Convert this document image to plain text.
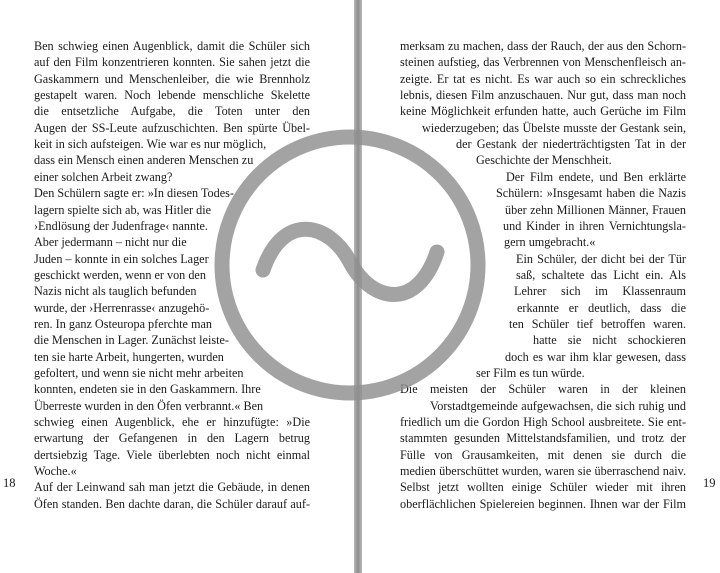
Ben schwieg einen Augenblick, damit die Schüler sich
auf den Film konzentrieren konnten. Sie sahen jetzt die
Gaskammern und Menschenleiber, die wie Brennholz
gestapelt waren. Noch lebende menschliche Skelette
die entsetzliche Aufgabe, die Toten unter den
Augen der SS-Leute aufzuschichten. Ben spürte Übel-
keit in sich aufsteigen. Wie war es nur möglich,
dass ein Mensch einen anderen Menschen zu
einer solchen Arbeit zwang?
Den Schülern sagte er: »In diesen Todes-
lagern spielte sich ab, was Hitler die
›Endlösung der Judenfrage‹ nannte.
Aber jedermann – nicht nur die
Juden – konnte in ein solches Lager
geschickt werden, wenn er von den
Nazis nicht als tauglich befunden
wurde, der ›Herrenrasse‹ anzugehö-
ren. In ganz Osteuropa pferchte man
die Menschen in Lager. Zunächst leiste-
ten sie harte Arbeit, hungerten, wurden
gefoltert, und wenn sie nicht mehr arbeiten
konnten, endeten sie in den Gaskammern. Ihre
Überreste wurden in den Öfen verbrannt.« Ben
schwieg einen Augenblick, ehe er hinzufügte: »Die
erwartung der Gefangenen in den Lagern betrug
dertsiebzig Tage. Viele überlebten noch nicht einmal
Woche.«
Auf der Leinwand sah man jetzt die Gebäude, in denen
Öfen standen. Ben dachte daran, die Schüler darauf auf-
18
merksam zu machen, dass der Rauch, der aus den Schorn-
steinen aufstieg, das Verbrennen von Menschenfleisch an-
zeigte. Er tat es nicht. Es war auch so ein schreckliches
lebnis, diesen Film anzuschauen. Nur gut, dass man noch
keine Möglichkeit erfunden hatte, auch Gerüche im Film
wiederzugeben; das Übelste musste der Gestank sein,
der Gestank der niederträchtigsten Tat in der
Geschichte der Menschheit.
Der Film endete, und Ben erklärte
Schülern: »Insgesamt haben die Nazis
über zehn Millionen Männer, Frauen
und Kinder in ihren Vernichtungsla-
gern umgebracht.«
Ein Schüler, der dicht bei der Tür
saß, schaltete das Licht ein. Als
Lehrer sich im Klassenraum
erkannte er deutlich, dass die
ten Schüler tief betroffen waren.
hatte sie nicht schockieren
doch es war ihm klar gewesen, dass
ser Film es tun würde.
Die meisten der Schüler waren in der kleinen
Vorstadtgemeinde aufgewachsen, die sich ruhig und
friedlich um die Gordon High School ausbreitete. Sie ent-
stammten gesunden Mittelstandsfamilien, und trotz der
Fülle von Grausamkeiten, mit denen sie durch die
medien überschüttet wurden, waren sie überraschend naiv.
Selbst jetzt wollten einige Schüler wieder mit ihren
oberflächlichen Spielereien beginnen. Ihnen war der Film
19
